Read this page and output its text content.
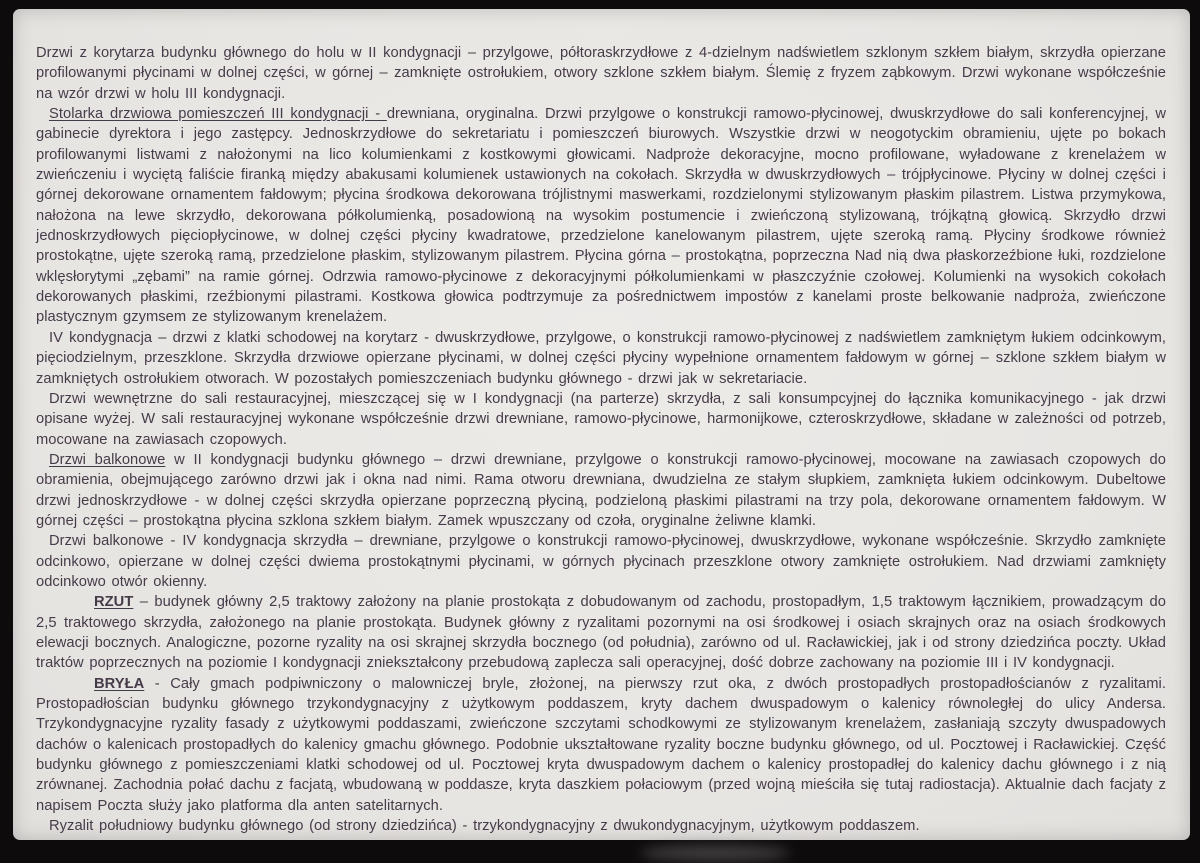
Drzwi z korytarza budynku głównego do holu w II kondygnacji – przylgowe, półtoraskrzydłowe z 4-dzielnym nadświetlem szklonym szkłem białym, skrzydła opierzane profilowanymi płycinami w dolnej części, w górnej – zamknięte ostrołukiem, otwory szklone szkłem białym. Ślemię z fryzem ząbkowym. Drzwi wykonane współcześnie na wzór drzwi w holu III kondygnacji.

Stolarka drzwiowa pomieszczeń III kondygnacji - drewniana, oryginalna. Drzwi przylgowe o konstrukcji ramowo-płycinowej, dwuskrzydłowe do sali konferencyjnej, w gabinecie dyrektora i jego zastępcy. Jednoskrzydłowe do sekretariatu i pomieszczeń biurowych. Wszystkie drzwi w neogotyckim obramieniu, ujęte po bokach profilowanymi listwami z nałożonymi na lico kolumienkami z kostkowymi głowicami. Nadproże dekoracyjne, mocno profilowane, wyładowane z krenelażem w zwieńczeniu i wyciętą faliście firanką między abakusami kolumienek ustawionych na cokołach. Skrzydła w dwuskrzydłowych – trójpłycinowe. Płyciny w dolnej części i górnej dekorowane ornamentem fałdowym; płycina środkowa dekorowana trójlistnymi maswerkami, rozdzielonymi stylizowanym płaskim pilastrem. Listwa przymykowa, nałożona na lewe skrzydło, dekorowana półkolumienką, posadowioną na wysokim postumencie i zwieńczoną stylizowaną, trójkątną głowicą. Skrzydło drzwi jednoskrzydłowych pięciopłycinowe, w dolnej części płyciny kwadratowe, przedzielone kanelowanym pilastrem, ujęte szeroką ramą. Płyciny środkowe również prostokątne, ujęte szeroką ramą, przedzielone płaskim, stylizowanym pilastrem. Płycina górna – prostokątna, poprzeczna Nad nią dwa płaskorzeźbione łuki, rozdzielone wklęsłorytymi „zębami” na ramie górnej. Odrzwia ramowo-płycinowe z dekoracyjnymi półkolumienkami w płaszczyźnie czołowej. Kolumienki na wysokich cokołach dekorowanych płaskimi, rzeźbionymi pilastrami. Kostkowa głowica podtrzymuje za pośrednictwem impostów z kanelami proste belkowanie nadproża, zwieńczone plastycznym gzymsem ze stylizowanym krenelażem.

IV kondygnacja – drzwi z klatki schodowej na korytarz - dwuskrzydłowe, przylgowe, o konstrukcji ramowo-płycinowej z nadświetlem zamkniętym łukiem odcinkowym, pięciodzielnym, przeszklone. Skrzydła drzwiowe opierzane płycinami, w dolnej części płyciny wypełnione ornamentem fałdowym w górnej – szklone szkłem białym w zamkniętych ostrołukiem otworach. W pozostałych pomieszczeniach budynku głównego - drzwi jak w sekretariacie.

Drzwi wewnętrzne do sali restauracyjnej, mieszczącej się w I kondygnacji (na parterze) skrzydła, z sali konsumpcyjnej do łącznika komunikacyjnego - jak drzwi opisane wyżej. W sali restauracyjnej wykonane współcześnie drzwi drewniane, ramowo-płycinowe, harmonijkowe, czteroskrzydłowe, składane w zależności od potrzeb, mocowane na zawiasach czopowych.

Drzwi balkonowe w II kondygnacji budynku głównego – drzwi drewniane, przylgowe o konstrukcji ramowo-płycinowej, mocowane na zawiasach czopowych do obramienia, obejmującego zarówno drzwi jak i okna nad nimi. Rama otworu drewniana, dwudzielna ze stałym słupkiem, zamknięta łukiem odcinkowym. Dubeltowe drzwi jednoskrzydłowe - w dolnej części skrzydła opierzane poprzeczną płyciną, podzieloną płaskimi pilastrami na trzy pola, dekorowane ornamentem fałdowym. W górnej części – prostokątna płycina szklona szkłem białym. Zamek wpuszczany od czoła, oryginalne żeliwne klamki.

Drzwi balkonowe - IV kondygnacja skrzydła – drewniane, przylgowe o konstrukcji ramowo-płycinowej, dwuskrzydłowe, wykonane współcześnie. Skrzydło zamknięte odcinkowo, opierzane w dolnej części dwiema prostokątnymi płycinami, w górnych płycinach przeszklone otwory zamknięte ostrołukiem. Nad drzwiami zamknięty odcinkowo otwór okienny.

RZUT – budynek główny 2,5 traktowy założony na planie prostokąta z dobudowanym od zachodu, prostopadłym, 1,5 traktowym łącznikiem, prowadzącym do 2,5 traktowego skrzydła, założonego na planie prostokąta. Budynek główny z ryzalitami pozornymi na osi środkowej i osiach skrajnych oraz na osiach środkowych elewacji bocznych. Analogiczne, pozorne ryzality na osi skrajnej skrzydła bocznego (od południa), zarówno od ul. Racławickiej, jak i od strony dziedzińca poczty. Układ traktów poprzecznych na poziomie I kondygnacji zniekształcony przebudową zaplecza sali operacyjnej, dość dobrze zachowany na poziomie III i IV kondygnacji.

BRYŁA - Cały gmach podpiwniczony o malowniczej bryle, złożonej, na pierwszy rzut oka, z dwóch prostopadłych prostopadłościanów z ryzalitami. Prostopadłościan budynku głównego trzykondygnacyjny z użytkowym poddaszem, kryty dachem dwuspadowym o kalenicy równoległej do ulicy Andersa. Trzykondygnacyjne ryzality fasady z użytkowymi poddaszami, zwieńczone szczytami schodkowymi ze stylizowanym krenelażem, zasłaniają szczyty dwuspadowych dachów o kalenicach prostopadłych do kalenicy gmachu głównego. Podobnie ukształtowane ryzality boczne budynku głównego, od ul. Pocztowej i Racławickiej. Część budynku głównego z pomieszczeniami klatki schodowej od ul. Pocztowej kryta dwuspadowym dachem o kalenicy prostopadłej do kalenicy dachu głównego i z nią zrównanej. Zachodnia połać dachu z facjatą, wbudowaną w poddasze, kryta daszkiem połaciowym (przed wojną mieściła się tutaj radiostacja). Aktualnie dach facjaty z napisem Poczta służy jako platforma dla anten satelitarnych.

Ryzalit południowy budynku głównego (od strony dziedzińca) - trzykondygnacyjny z dwukondygnacyjnym, użytkowym poddaszem.
